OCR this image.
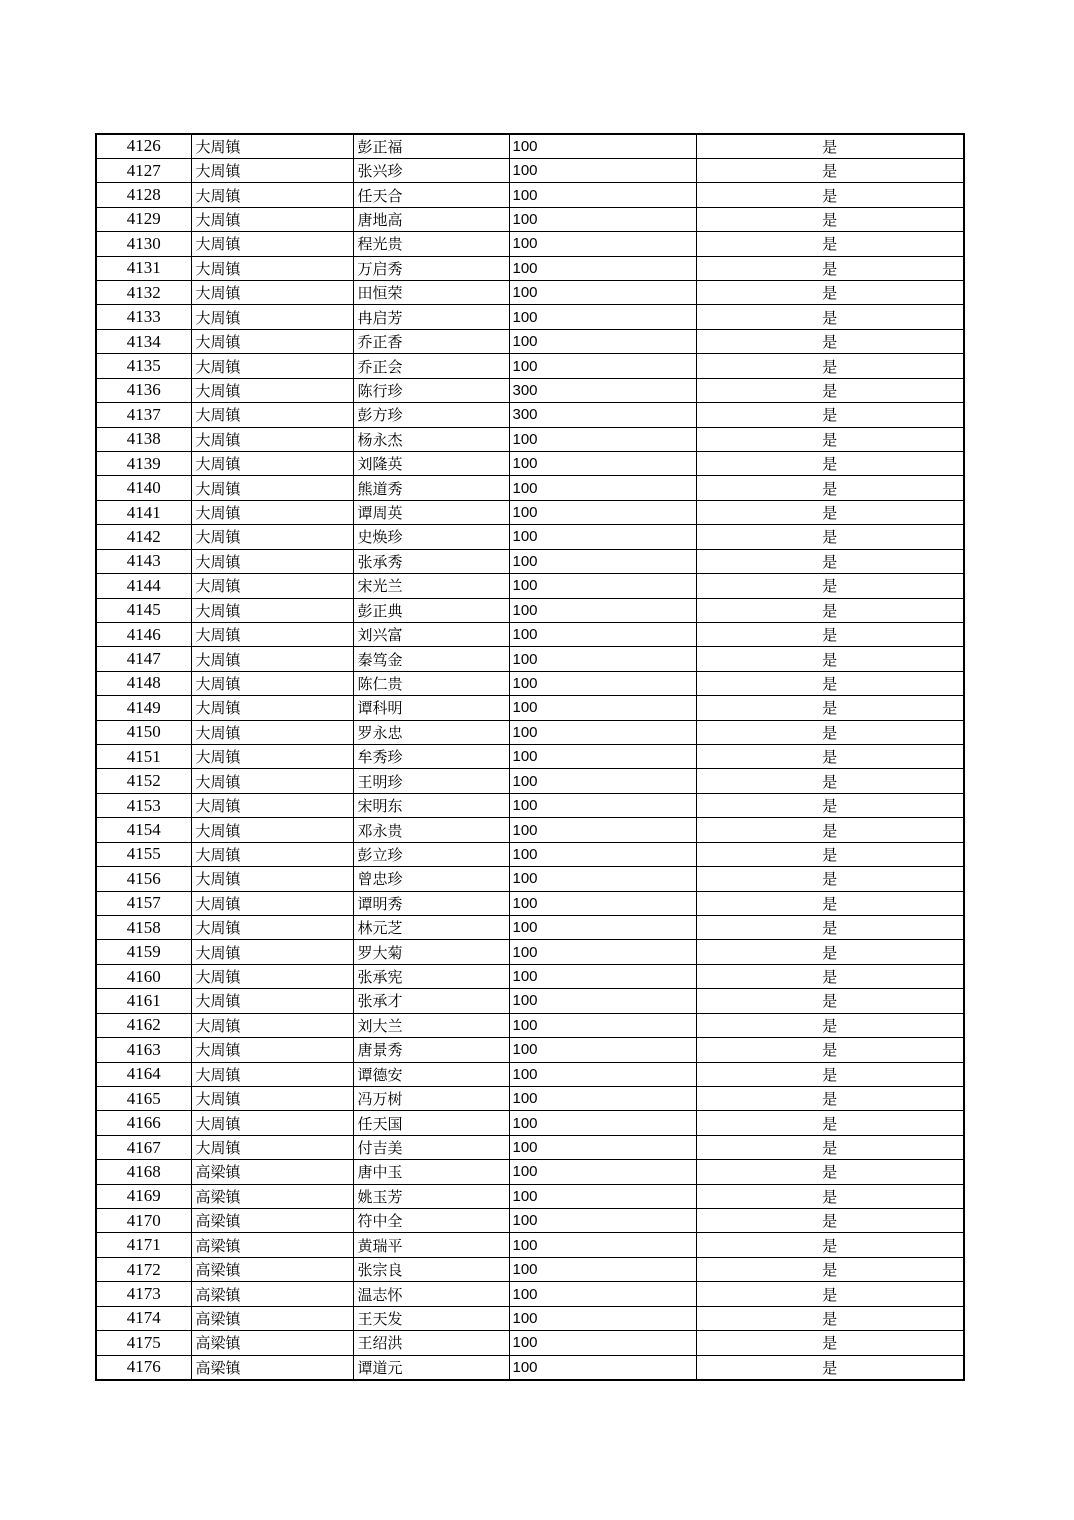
4126	大周镇	彭正福	100	是
4127	大周镇	张兴珍	100	是
4128	大周镇	任天合	100	是
4129	大周镇	唐地高	100	是
4130	大周镇	程光贵	100	是
4131	大周镇	万启秀	100	是
4132	大周镇	田恒荣	100	是
4133	大周镇	冉启芳	100	是
4134	大周镇	乔正香	100	是
4135	大周镇	乔正会	100	是
4136	大周镇	陈行珍	300	是
4137	大周镇	彭方珍	300	是
4138	大周镇	杨永杰	100	是
4139	大周镇	刘隆英	100	是
4140	大周镇	熊道秀	100	是
4141	大周镇	谭周英	100	是
4142	大周镇	史焕珍	100	是
4143	大周镇	张承秀	100	是
4144	大周镇	宋光兰	100	是
4145	大周镇	彭正典	100	是
4146	大周镇	刘兴富	100	是
4147	大周镇	秦笃金	100	是
4148	大周镇	陈仁贵	100	是
4149	大周镇	谭科明	100	是
4150	大周镇	罗永忠	100	是
4151	大周镇	牟秀珍	100	是
4152	大周镇	王明珍	100	是
4153	大周镇	宋明东	100	是
4154	大周镇	邓永贵	100	是
4155	大周镇	彭立珍	100	是
4156	大周镇	曾忠珍	100	是
4157	大周镇	谭明秀	100	是
4158	大周镇	林元芝	100	是
4159	大周镇	罗大菊	100	是
4160	大周镇	张承宪	100	是
4161	大周镇	张承才	100	是
4162	大周镇	刘大兰	100	是
4163	大周镇	唐景秀	100	是
4164	大周镇	谭德安	100	是
4165	大周镇	冯万树	100	是
4166	大周镇	任天国	100	是
4167	大周镇	付吉美	100	是
4168	高梁镇	唐中玉	100	是
4169	高梁镇	姚玉芳	100	是
4170	高梁镇	符中全	100	是
4171	高梁镇	黄瑞平	100	是
4172	高梁镇	张宗良	100	是
4173	高梁镇	温志怀	100	是
4174	高梁镇	王天发	100	是
4175	高梁镇	王绍洪	100	是
4176	高梁镇	谭道元	100	是
